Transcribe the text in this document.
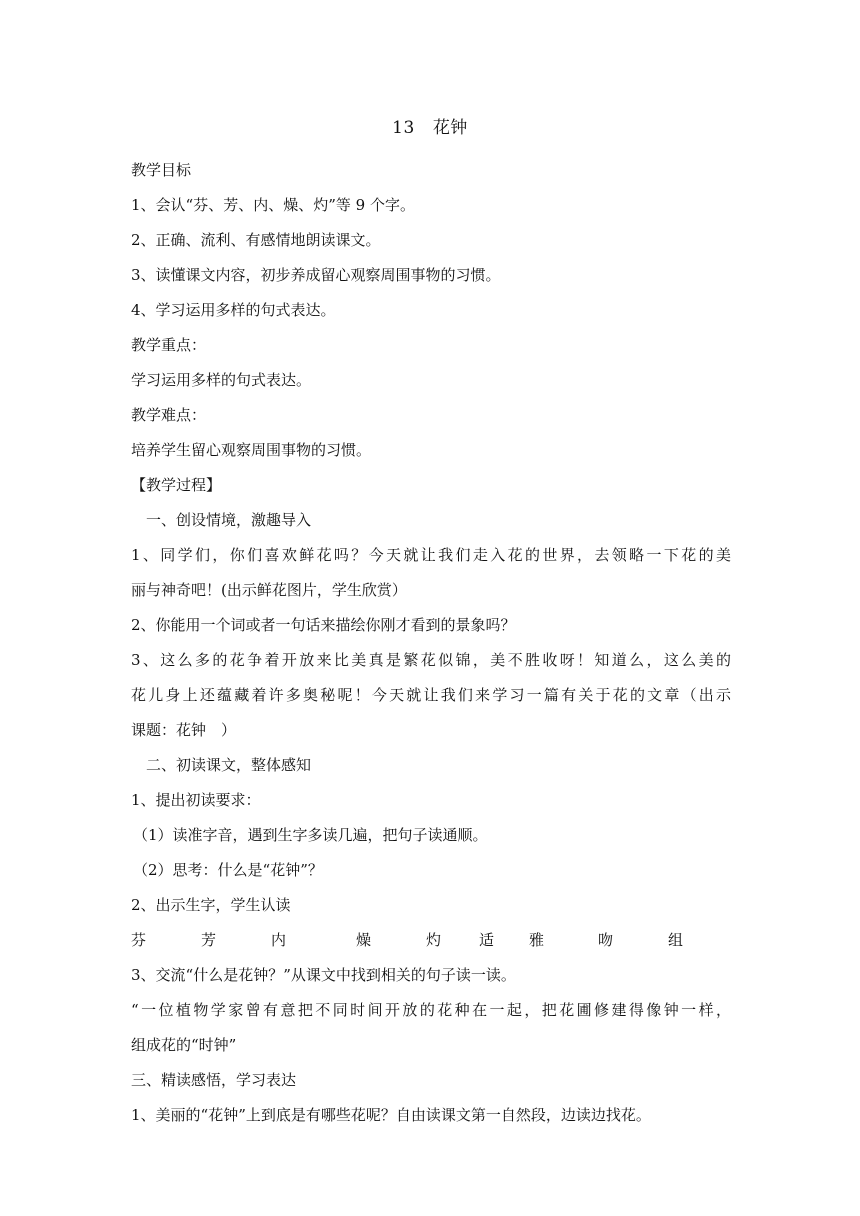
13 花钟

教学目标

1、会认“芬、芳、内、燥、灼”等 9 个字。

2、正确、流利、有感情地朗读课文。

3、读懂课文内容，初步养成留心观察周围事物的习惯。

4、学习运用多样的句式表达。

教学重点：

学习运用多样的句式表达。

教学难点：

培养学生留心观察周围事物的习惯。

【教学过程】

一、创设情境，激趣导入

1、同学们，你们喜欢鲜花吗？今天就让我们走入花的世界，去领略一下花的美

丽与神奇吧！(出示鲜花图片，学生欣赏）

2、你能用一个词或者一句话来描绘你刚才看到的景象吗？

3、这么多的花争着开放来比美真是繁花似锦，美不胜收呀！知道么，这么美的

花儿身上还蕴藏着许多奥秘呢！今天就让我们来学习一篇有关于花的文章（出示

课题：花钟　）

二、初读课文，整体感知

1、提出初读要求：

（1）读准字音，遇到生字多读几遍，把句子读通顺。

（2）思考：什么是“花钟”？

2、出示生字，学生认读

芬	芳	内	燥	灼	适 雅	吻	组

3、交流“什么是花钟？”从课文中找到相关的句子读一读。

“一位植物学家曾有意把不同时间开放的花种在一起，把花圃修建得像钟一样，

组成花的“时钟”

三、精读感悟，学习表达

1、美丽的“花钟”上到底是有哪些花呢？自由读课文第一自然段，边读边找花。
